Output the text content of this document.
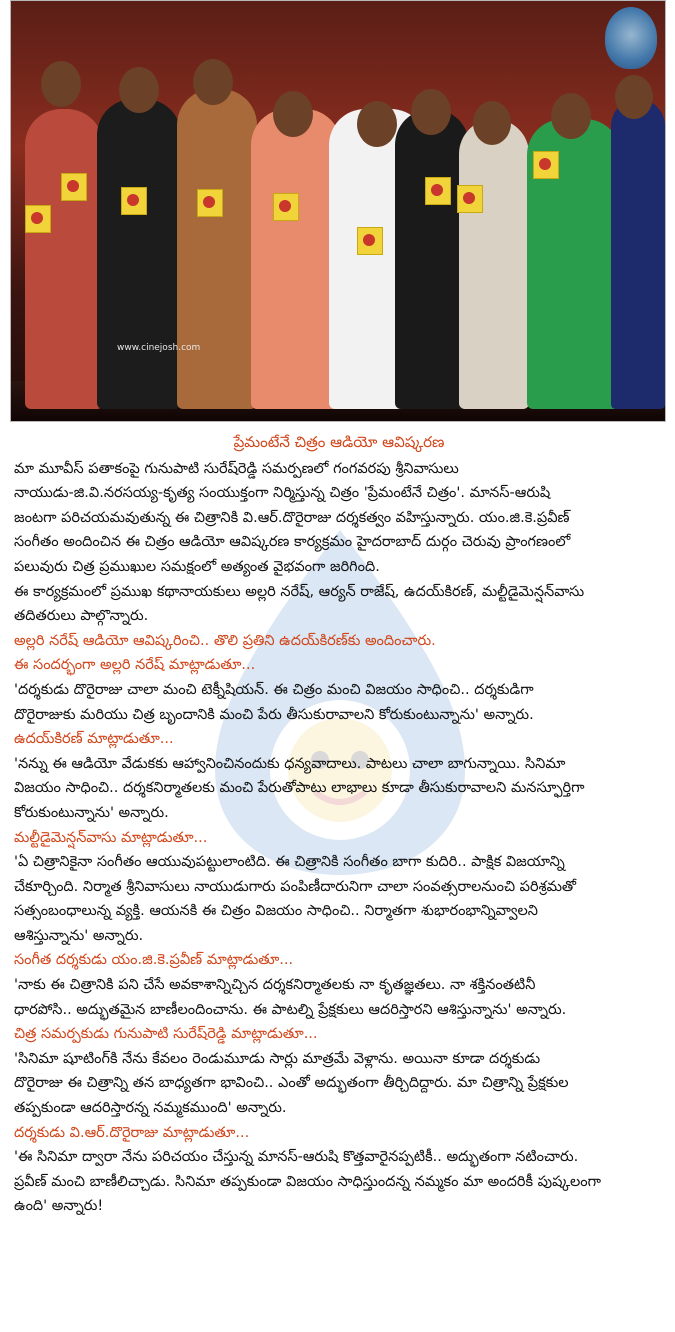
www.cinejosh.com

ప్రేమంటేనే చిత్రం ఆడియో ఆవిష్కరణ

మా మూవీస్ పతాకంపై గునుపాటి సురేష్‌రెడ్డి సమర్పణలో గంగవరపు శ్రీనివాసులు

నాయుడు-జి.వి.నరసయ్య-కృత్య సంయుక్తంగా నిర్మిస్తున్న చిత్రం 'ప్రేమంటేనే చిత్రం'. మానస్-ఆరుషి

జంటగా పరిచయమవుతున్న ఈ చిత్రానికి వి.ఆర్.దొరైరాజు దర్శకత్వం వహిస్తున్నారు. యం.జి.కె.ప్రవీణ్

సంగీతం అందించిన ఈ చిత్రం ఆడియో ఆవిష్కరణ కార్యక్రమం హైదరాబాద్ దుర్గం చెరువు ప్రాంగణంలో

పలువురు చిత్ర ప్రముఖుల సమక్షంలో అత్యంత వైభవంగా జరిగింది.

ఈ కార్యక్రమంలో ప్రముఖ కథానాయకులు అల్లరి నరేష్, ఆర్యన్ రాజేష్, ఉదయ్‌కిరణ్, మల్టీడైమెన్షన్‌వాసు

తదితరులు పాల్గొన్నారు.

అల్లరి నరేష్ ఆడియో ఆవిష్కరించి.. తొలి ప్రతిని ఉదయ్‌కిరణ్‌కు అందించారు.

ఈ సందర్భంగా అల్లరి నరేష్ మాట్లాడుతూ...

'దర్శకుడు దొరైరాజు చాలా మంచి టెక్నీషియన్. ఈ చిత్రం మంచి విజయం సాధించి.. దర్శకుడిగా

దొరైరాజుకు మరియు చిత్ర బృందానికి మంచి పేరు తీసుకురావాలని కోరుకుంటున్నాను' అన్నారు.

ఉదయ్‌కిరణ్ మాట్లాడుతూ...

'నన్ను ఈ ఆడియో వేడుకకు ఆహ్వానించినందుకు ధన్యవాదాలు. పాటలు చాలా బాగున్నాయి. సినిమా

విజయం సాధించి.. దర్శకనిర్మాతలకు మంచి పేరుతోపాటు లాభాలు కూడా తీసుకురావాలని మనస్ఫూర్తిగా

కోరుకుంటున్నాను' అన్నారు.

మల్టీడైమెన్షన్‌వాసు మాట్లాడుతూ...

'ఏ చిత్రానికైనా సంగీతం ఆయువుపట్టులాంటిది. ఈ చిత్రానికి సంగీతం బాగా కుదిరి.. పాక్షిక విజయాన్ని

చేకూర్చింది. నిర్మాత శ్రీనివాసులు నాయుడుగారు పంపిణీదారునిగా చాలా సంవత్సరాలనుంచి పరిశ్రమతో

సత్సంబంధాలున్న వ్యక్తి. ఆయనకి ఈ చిత్రం విజయం సాధించి.. నిర్మాతగా శుభారంభాన్నివ్వాలని

ఆశిస్తున్నాను' అన్నారు.

సంగీత దర్శకుడు యం.జి.కె.ప్రవీణ్ మాట్లాడుతూ...

'నాకు ఈ చిత్రానికి పని చేసే అవకాశాన్నిచ్చిన దర్శకనిర్మాతలకు నా కృతజ్ఞతలు. నా శక్తినంతటినీ

ధారపోసి.. అద్భుతమైన బాణీలందించాను. ఈ పాటల్ని ప్రేక్షకులు ఆదరిస్తారని ఆశిస్తున్నాను' అన్నారు.

చిత్ర సమర్పకుడు గునుపాటి సురేష్‌రెడ్డి మాట్లాడుతూ...

'సినిమా షూటింగ్‌కి నేను కేవలం రెండుమూడు సార్లు మాత్రమే వెళ్లాను. అయినా కూడా దర్శకుడు

దొరైరాజు ఈ చిత్రాన్ని తన బాధ్యతగా భావించి.. ఎంతో అద్భుతంగా తీర్చిదిద్దారు. మా చిత్రాన్ని ప్రేక్షకుల

తప్పకుండా ఆదరిస్తారన్న నమ్మకముంది' అన్నారు.

దర్శకుడు వి.ఆర్.దొరైరాజు మాట్లాడుతూ...

'ఈ సినిమా ద్వారా నేను పరిచయం చేస్తున్న మానస్-ఆరుషి కొత్తవారైనప్పటికీ.. అద్భుతంగా నటించారు.

ప్రవీణ్ మంచి బాణీలిచ్చాడు. సినిమా తప్పకుండా విజయం సాధిస్తుందన్న నమ్మకం మా అందరికీ పుష్కలంగా

ఉంది' అన్నారు!
